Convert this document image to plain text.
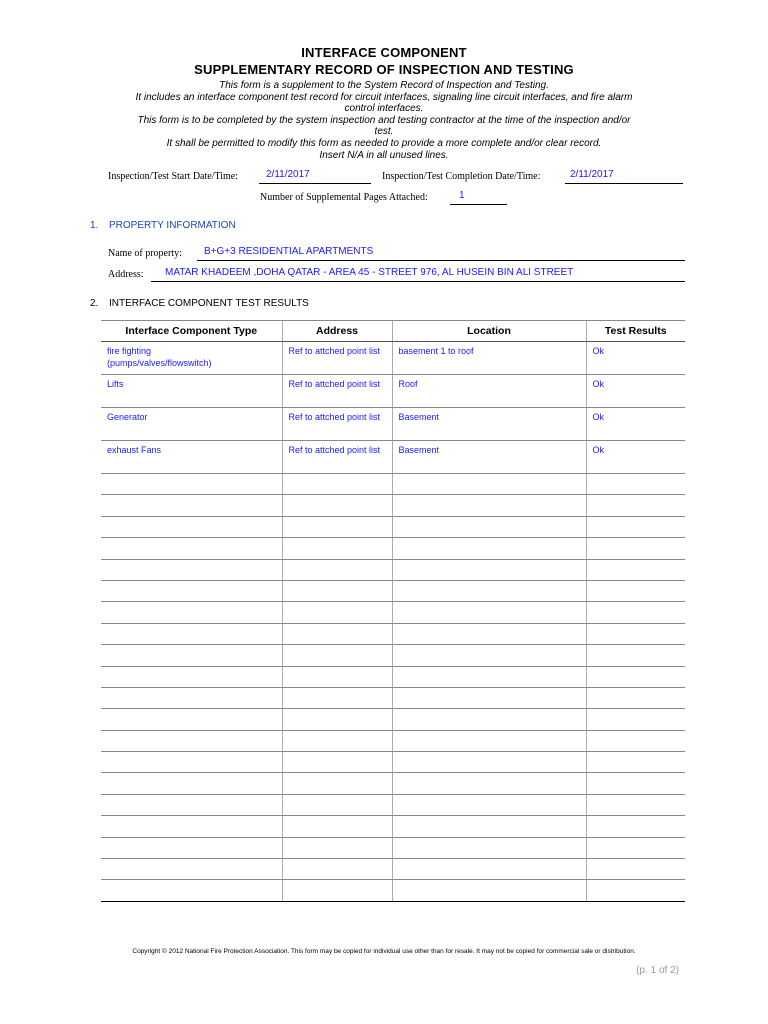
INTERFACE COMPONENT
SUPPLEMENTARY RECORD OF INSPECTION AND TESTING
This form is a supplement to the System Record of Inspection and Testing.
It includes an interface component test record for circuit interfaces, signaling line circuit interfaces, and fire alarm
control interfaces.
This form is to be completed by the system inspection and testing contractor at the time of the inspection and/or
test.
It shall be permitted to modify this form as needed to provide a more complete and/or clear record.
Insert N/A in all unused lines.
Inspection/Test Start Date/Time:	2/11/2017	Inspection/Test Completion Date/Time:	2/11/2017
Number of Supplemental Pages Attached:	1
1. PROPERTY INFORMATION
Name of property: B+G+3 RESIDENTIAL APARTMENTS
Address: MATAR KHADEEM ,DOHA QATAR - AREA 45 - STREET 976, AL HUSEIN BIN ALI STREET
2. INTERFACE COMPONENT TEST RESULTS
Interface Component Type	Address	Location	Test Results
fire fighting
(pumps/valves/flowswitch)	Ref to attched point list	basement 1 to roof	Ok
Lifts	Ref to attched point list	Roof	Ok
Generator	Ref to attched point list	Basement	Ok
exhaust Fans	Ref to attched point list	Basement	Ok

Copyright © 2012 National Fire Protection Association. This form may be copied for individual use other than for resale. It may not be copied for commercial sale or distribution.
(p. 1 of 2)
